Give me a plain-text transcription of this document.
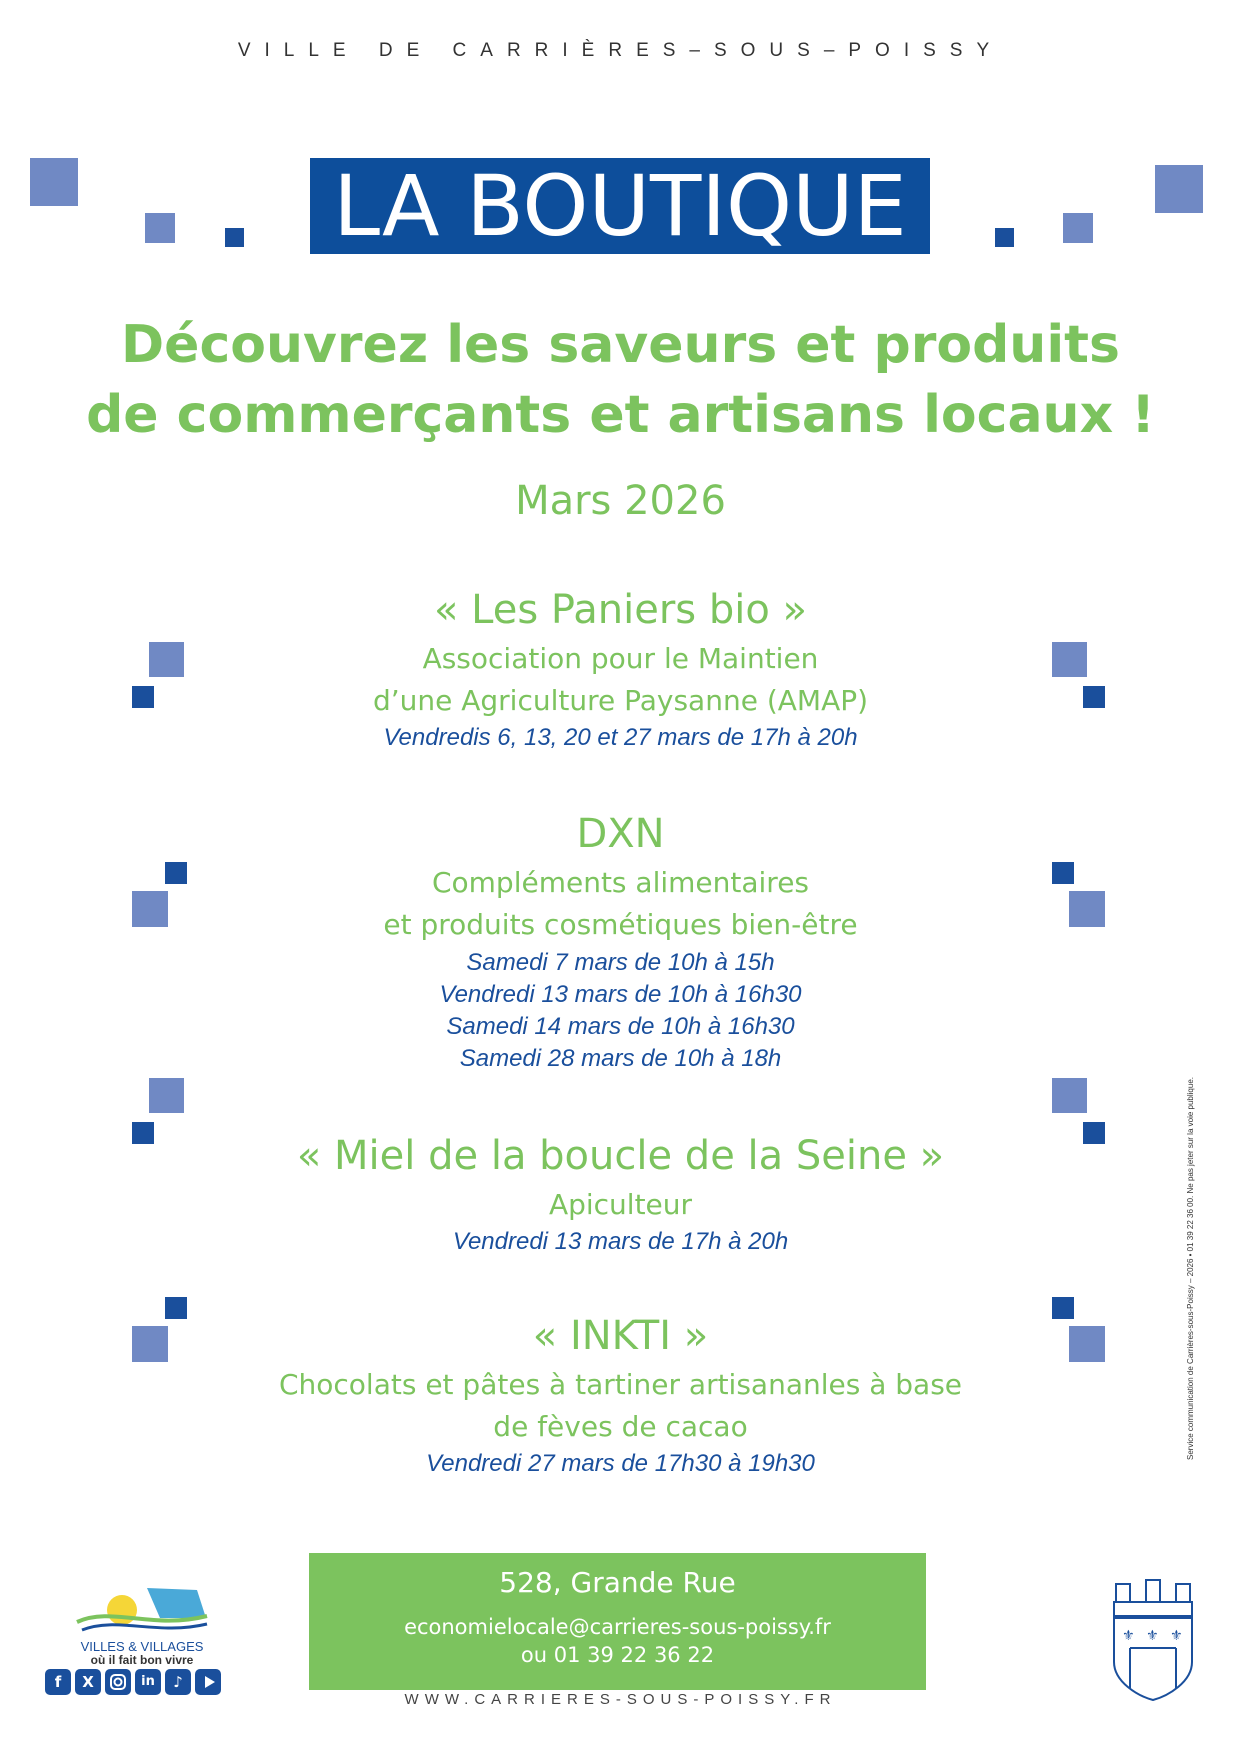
VILLE DE CARRIÈRES–SOUS–POISSY
LA BOUTIQUE
Découvrez les saveurs et produits
de commerçants et artisans locaux !
Mars 2026
« Les Paniers bio »
Association pour le Maintien
d’une Agriculture Paysanne (AMAP)
Vendredis 6, 13, 20 et 27 mars de 17h à 20h
DXN
Compléments alimentaires
et produits cosmétiques bien-être
Samedi 7 mars de 10h à 15h
Vendredi 13 mars de 10h à 16h30
Samedi 14 mars de 10h à 16h30
Samedi 28 mars de 10h à 18h
« Miel de la boucle de la Seine »
Apiculteur
Vendredi 13 mars de 17h à 20h
« INKTI »
Chocolats et pâtes à tartiner artisananles à base
de fèves de cacao
Vendredi 27 mars de 17h30 à 19h30
Service communication de Carrières-sous-Poissy – 2026 • 01 39 22 36 00. Ne pas jeter sur la voie publique.
528, Grande Rue
economielocale@carrieres-sous-poissy.fr
ou 01 39 22 36 22
WWW.CARRIERES-SOUS-POISSY.FR
VILLES & VILLAGES
où il fait bon vivre
f	X	in	♪
⚜ ⚜ ⚜
